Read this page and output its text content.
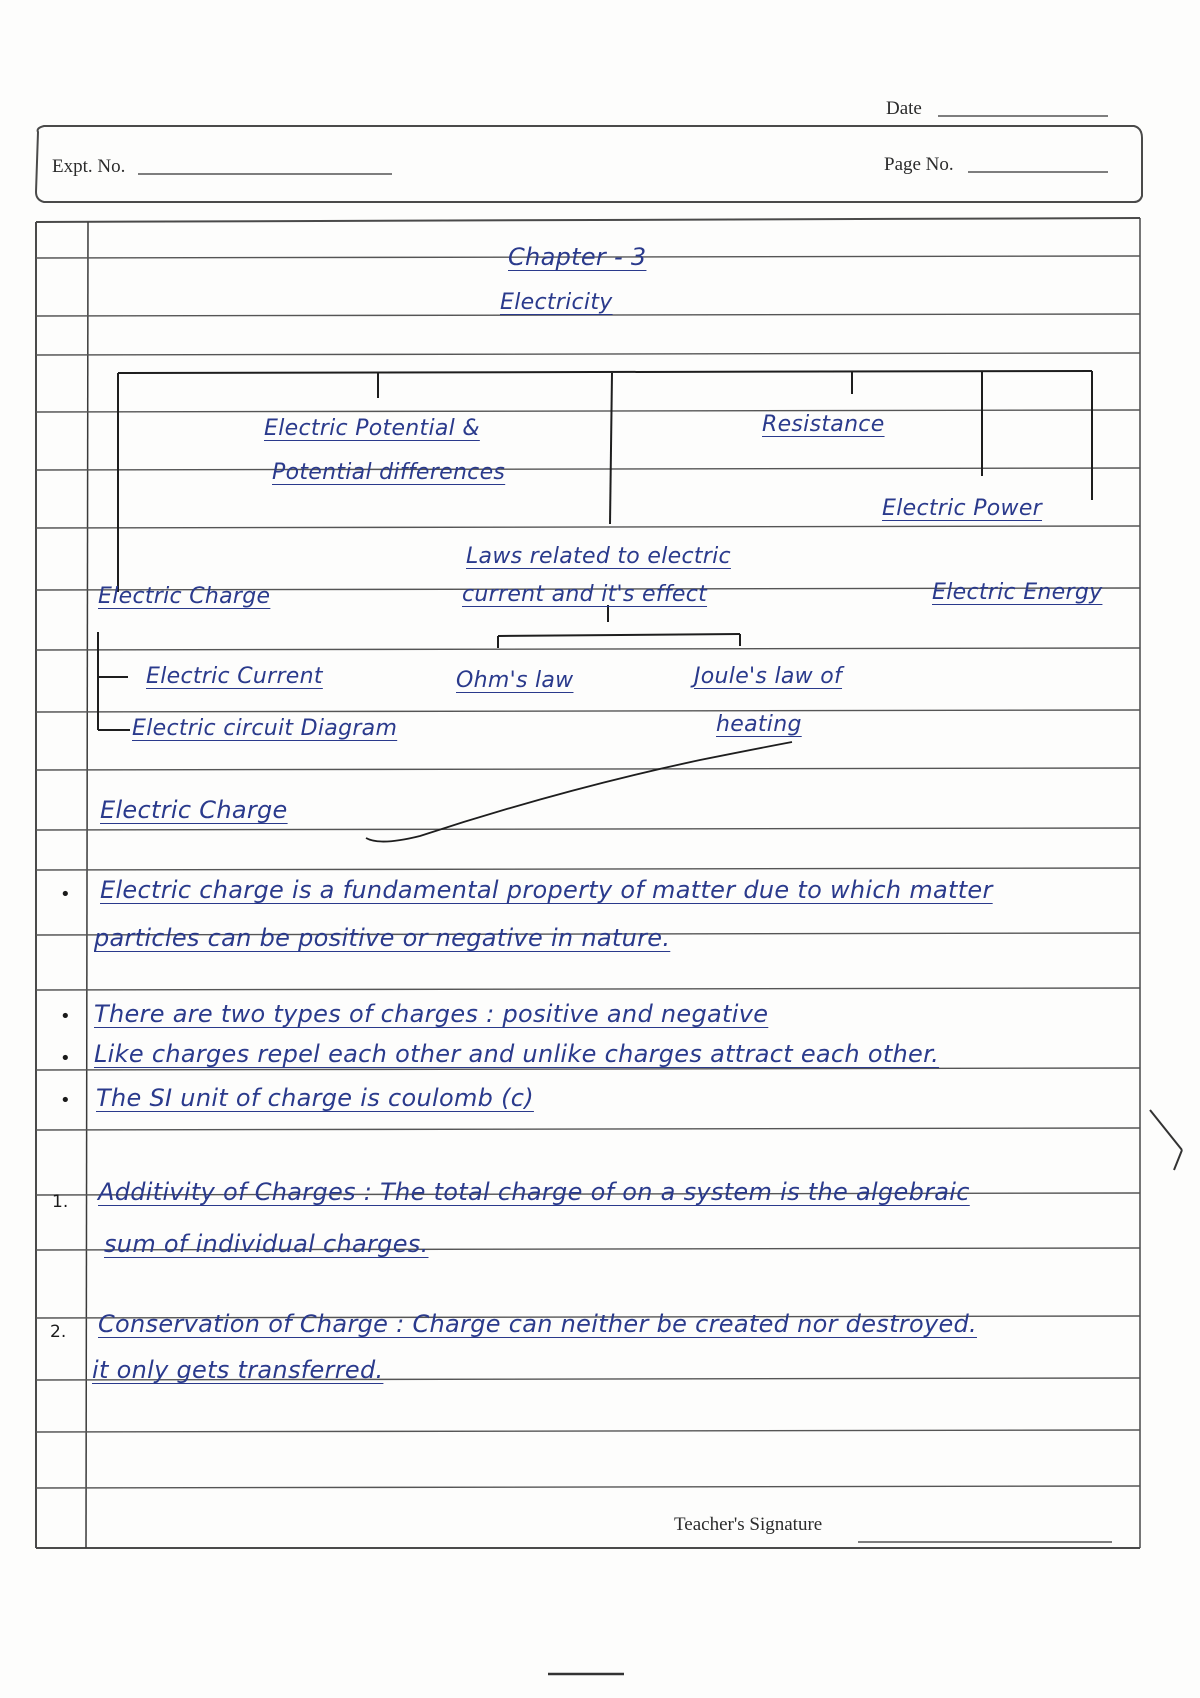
Date
Expt. No.	Page No.
Teacher's Signature
Chapter - 3
Electricity
Electric Potential &
Potential differences
Resistance
Electric Power
Laws related to electric
current and it's effect
Electric Charge	Electric Energy
Electric Current
Electric circuit Diagram
Ohm's law	Joule's law of
heating
Electric Charge
• Electric charge is a fundamental property of matter due to which matter
particles can be positive or negative in nature.
• There are two types of charges : positive and negative
• Like charges repel each other and unlike charges attract each other.
• The SI unit of charge is coulomb (c)
1. Additivity of Charges : The total charge of on a system is the algebraic
sum of individual charges.
2. Conservation of Charge : Charge can neither be created nor destroyed.
it only gets transferred.
